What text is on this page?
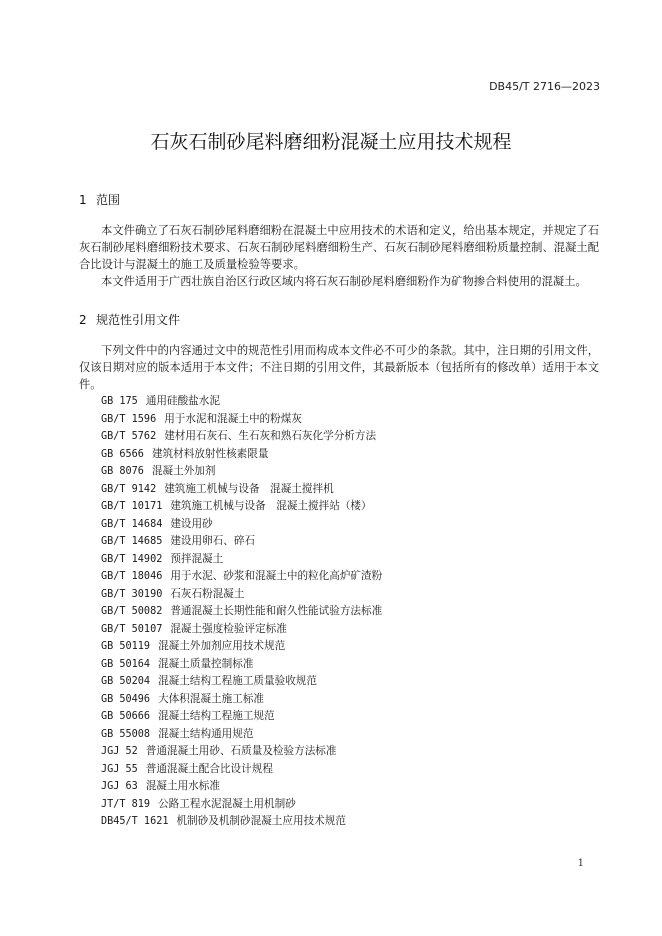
DB45/T 2716—2023
石灰石制砂尾料磨细粉混凝土应用技术规程
1 范围
本文件确立了石灰石制砂尾料磨细粉在混凝土中应用技术的术语和定义，给出基本规定，并规定了石灰石制砂尾料磨细粉技术要求、石灰石制砂尾料磨细粉生产、石灰石制砂尾料磨细粉质量控制、混凝土配合比设计与混凝土的施工及质量检验等要求。
本文件适用于广西壮族自治区行政区域内将石灰石制砂尾料磨细粉作为矿物掺合料使用的混凝土。
2 规范性引用文件
下列文件中的内容通过文中的规范性引用而构成本文件必不可少的条款。其中，注日期的引用文件，仅该日期对应的版本适用于本文件；不注日期的引用文件，其最新版本（包括所有的修改单）适用于本文件。
GB 175 通用硅酸盐水泥
GB/T 1596 用于水泥和混凝土中的粉煤灰
GB/T 5762 建材用石灰石、生石灰和熟石灰化学分析方法
GB 6566 建筑材料放射性核素限量
GB 8076 混凝土外加剂
GB/T 9142 建筑施工机械与设备　混凝土搅拌机
GB/T 10171 建筑施工机械与设备　混凝土搅拌站（楼）
GB/T 14684 建设用砂
GB/T 14685 建设用卵石、碎石
GB/T 14902 预拌混凝土
GB/T 18046 用于水泥、砂浆和混凝土中的粒化高炉矿渣粉
GB/T 30190 石灰石粉混凝土
GB/T 50082 普通混凝土长期性能和耐久性能试验方法标准
GB/T 50107 混凝土强度检验评定标准
GB 50119 混凝土外加剂应用技术规范
GB 50164 混凝土质量控制标准
GB 50204 混凝土结构工程施工质量验收规范
GB 50496 大体积混凝土施工标准
GB 50666 混凝土结构工程施工规范
GB 55008 混凝土结构通用规范
JGJ 52 普通混凝土用砂、石质量及检验方法标准
JGJ 55 普通混凝土配合比设计规程
JGJ 63 混凝土用水标准
JT/T 819 公路工程水泥混凝土用机制砂
DB45/T 1621 机制砂及机制砂混凝土应用技术规范
1
